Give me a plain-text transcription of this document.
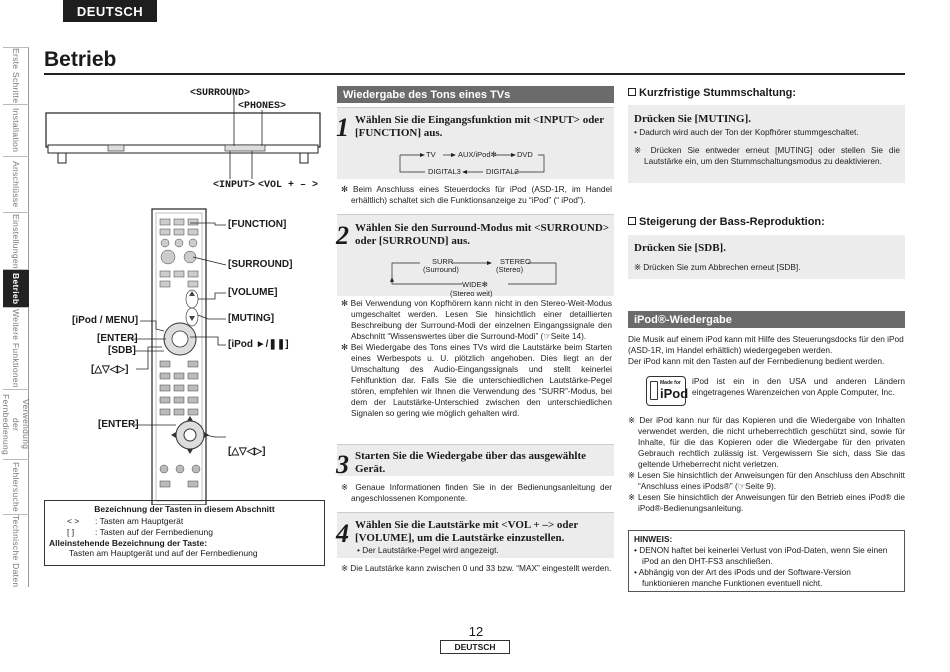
DEUTSCH
Erste Schritte
Installation
Anschlüsse
Einstellungen
Betrieb
Weitere Funktionen
Verwendung der Fernbedienung
Fehlersuche
Technische Daten
Betrieb
<SURROUND>
<PHONES>
<INPUT> <VOL + – >
[FUNCTION]
[SURROUND]
[VOLUME]
[MUTING]
[iPod / MENU]
[ENTER]
[SDB]
[iPod ►/❚❚]
[△▽◁▷]
[ENTER]
[△▽◁▷]
Bezeichnung der Tasten in diesem Abschnitt
< >	: Tasten am Hauptgerät
[ ]	: Tasten auf der Fernbedienung
Alleinstehende Bezeichnung der Taste:
Tasten am Hauptgerät und auf der Fernbedienung
Wiedergabe des Tons eines TVs
1 Wählen Sie die Eingangsfunktion mit <INPUT> oder [FUNCTION] aus.
TV	AUX/iPod✻	DVD
DIGITAL3	DIGITAL2

✻ Beim Anschluss eines Steuerdocks für iPod (ASD-1R, im Handel erhältlich) schaltet sich die Funktionsanzeige zu “iPod” (“ iPod”).

2 Wählen Sie den Surround-Modus mit <SURROUND> oder [SURROUND] aus.
SURR
(Surround)
STEREO
(Stereo)
WIDE✻
(Stereo weit)

✻ Bei Verwendung von Kopfhörern kann nicht in den Stereo-Weit-Modus umgeschaltet werden. Lesen Sie hinsichtlich einer detaillierten Beschreibung der Surround-Modi der einzelnen Eingangssignale den Abschnitt “Wissenswertes über die Surround-Modi” (☞Seite 14).

✻ Bei Wiedergabe des Tons eines TVs wird die Lautstärke beim Starten eines Werbespots u. U. plötzlich angehoben. Dies liegt an der Umschaltung des Audio-Eingangssignals und stellt keinerlei Fehlfunktion dar. Falls Sie die unterschiedlichen Lautstärke-Pegel stören, empfehlen wir Ihnen die Verwendung des “SURR”-Modus, bei dem der Lautstärke-Unterschied zwischen den unterschiedlichen Signalen so gering wie möglich gehalten wird.

3 Starten Sie die Wiedergabe über das ausgewählte Gerät.

※ Genaue Informationen finden Sie in der Bedienungsanleitung der angeschlossenen Komponente.

4 Wählen Sie die Lautstärke mit <VOL + –> oder [VOLUME], um die Lautstärke einzustellen.
• Der Lautstärke-Pegel wird angezeigt.

※ Die Lautstärke kann zwischen 0 und 33 bzw. “MAX” eingestellt werden.

Kurzfristige Stummschaltung:
Drücken Sie [MUTING].
• Dadurch wird auch der Ton der Kopfhörer stummgeschaltet.

※ Drücken Sie entweder erneut [MUTING] oder stellen Sie die Lautstärke ein, um den Stummschaltungsmodus zu deaktivieren.

Steigerung der Bass-Reproduktion:
Drücken Sie [SDB].
※ Drücken Sie zum Abbrechen erneut [SDB].
iPod®-Wiedergabe
Die Musik auf einem iPod kann mit Hilfe des Steuerungsdocks für den iPod (ASD-1R, im Handel erhältlich) wiedergegeben werden.
Der iPod kann mit den Tasten auf der Fernbedienung bedient werden.
Made for
iPod
iPod ist ein in den USA und anderen Ländern eingetragenes Warenzeichen von Apple Computer, Inc.

※ Der iPod kann nur für das Kopieren und die Wiedergabe von Inhalten verwendet werden, die nicht urheberrechtlich geschützt sind, sowie für Inhalte, für die das Kopieren oder die Wiedergabe für den privaten Gebrauch rechtlich zulässig ist. Vergewissern Sie sich, dass Sie das geltende Urheberrecht nicht verletzen.

※ Lesen Sie hinsichtlich der Anweisungen für den Anschluss den Abschnitt “Anschluss eines iPods®” (☞Seite 9).

※ Lesen Sie hinsichtlich der Anweisungen für den Betrieb eines iPod® die iPod®-Bedienungsanleitung.

HINWEIS:

• DENON haftet bei keinerlei Verlust von iPod-Daten, wenn Sie einen iPod an den DHT-FS3 anschließen.

• Abhängig von der Art des iPods und der Software-Version funktionieren manche Funktionen eventuell nicht.

12
DEUTSCH
